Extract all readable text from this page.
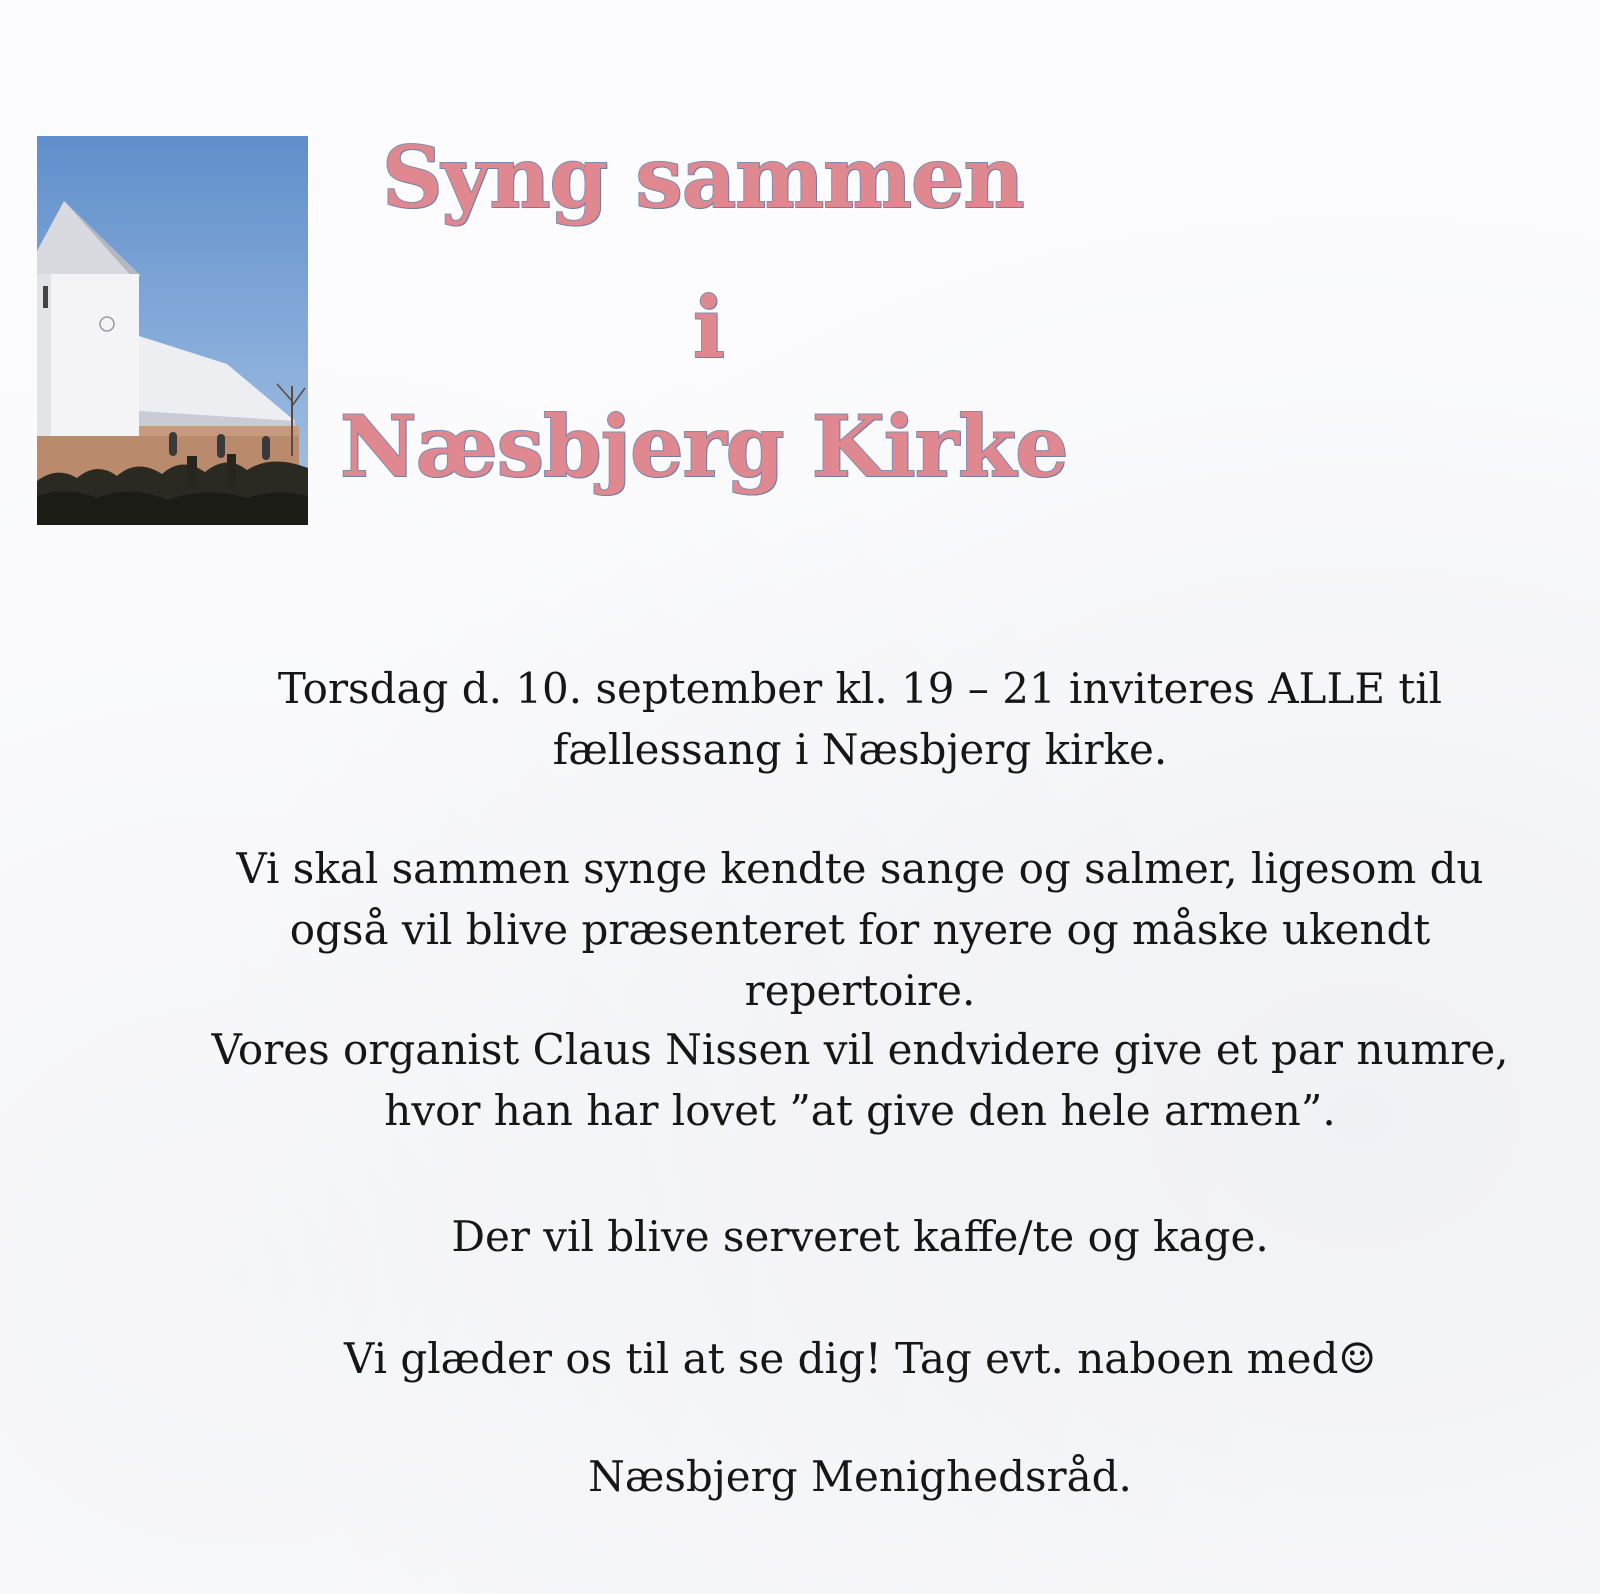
Syng sammen
i
Næsbjerg Kirke

Torsdag d. 10. september kl. 19 – 21 inviteres ALLE til
fællessang i Næsbjerg kirke.

Vi skal sammen synge kendte sange og salmer, ligesom du
også vil blive præsenteret for nyere og måske ukendt
repertoire.

Vores organist Claus Nissen vil endvidere give et par numre,
hvor han har lovet ”at give den hele armen”.

Der vil blive serveret kaffe/te og kage.

Vi glæder os til at se dig! Tag evt. naboen med☺

Næsbjerg Menighedsråd.
